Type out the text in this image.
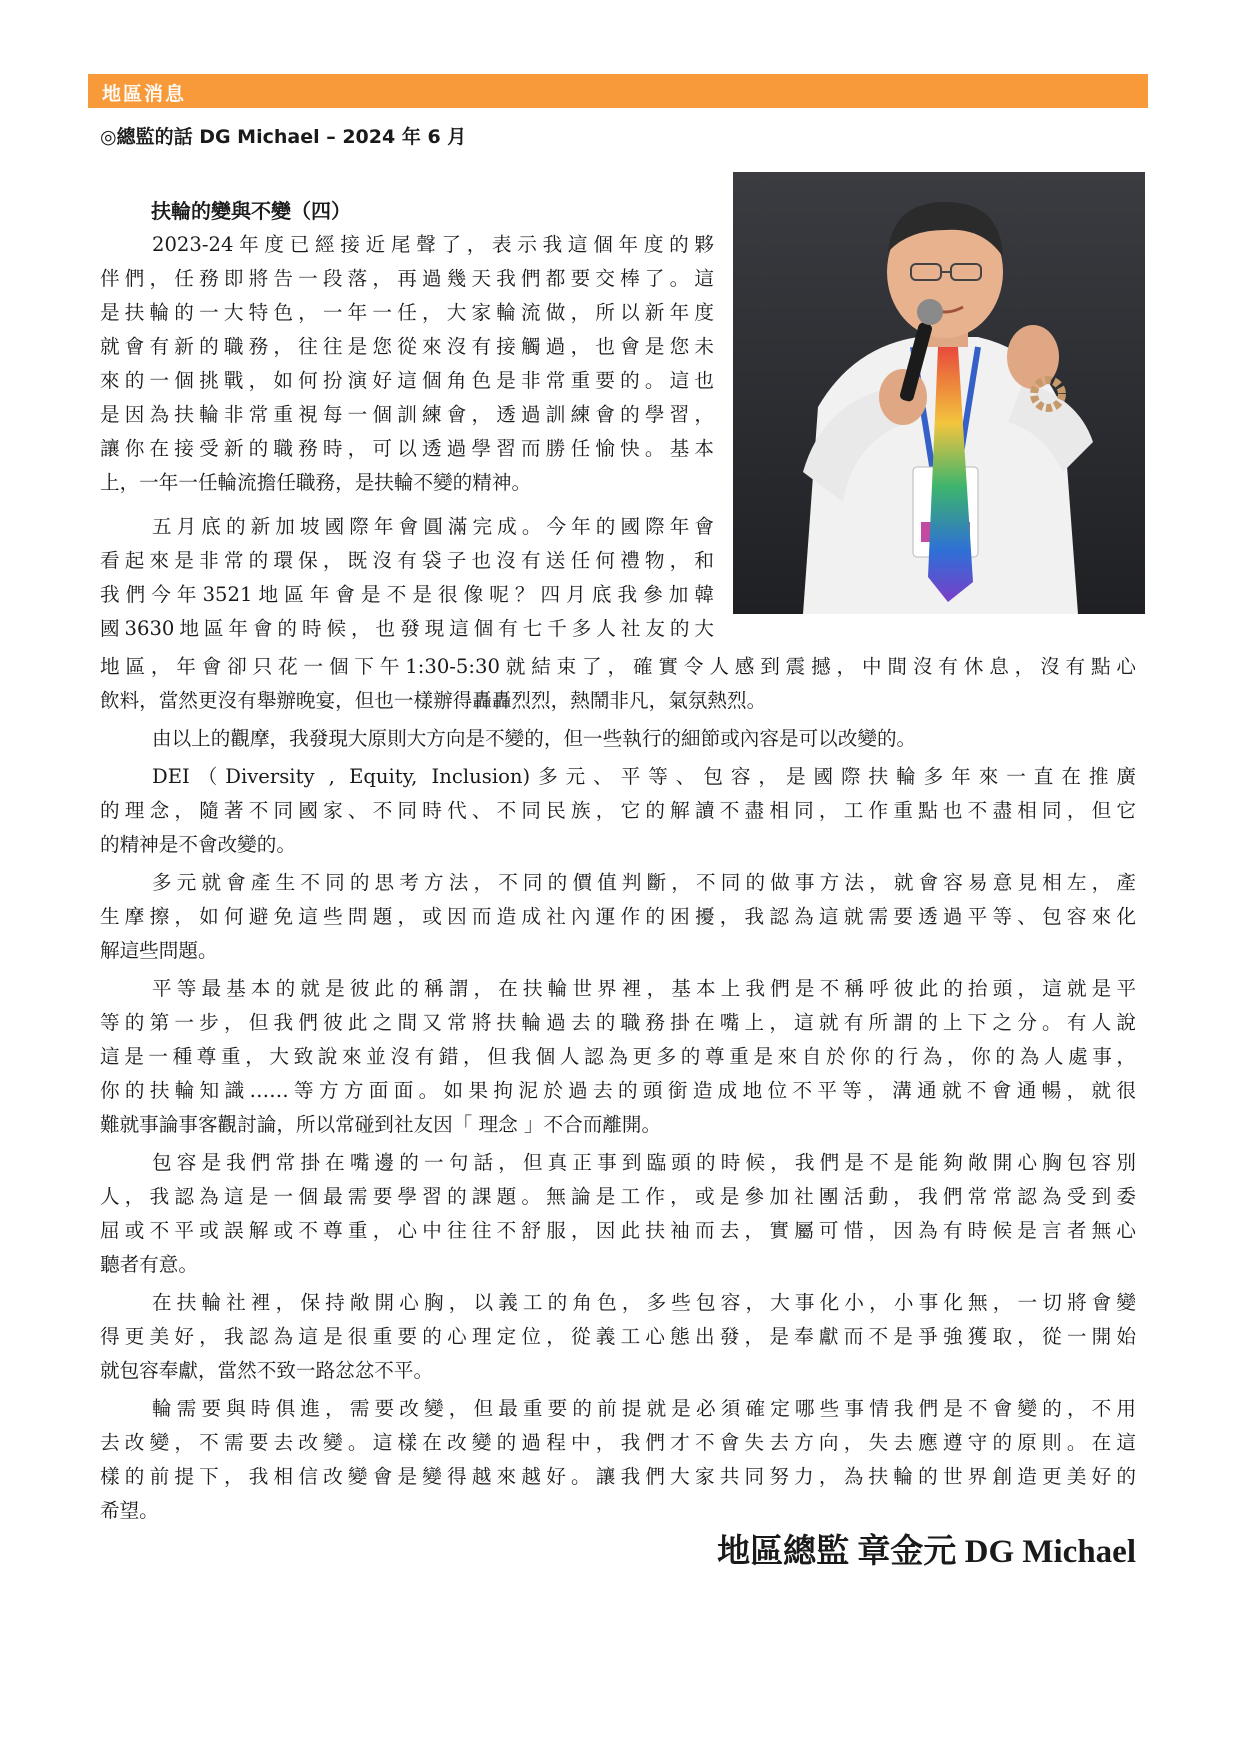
地區消息
◎總監的話 DG Michael – 2024 年 6 月
扶輪的變與不變（四）
2023-24年度已經接近尾聲了，表示我這個年度的夥
伴們，任務即將告一段落，再過幾天我們都要交棒了。這
是扶輪的一大特色，一年一任，大家輪流做，所以新年度
就會有新的職務，往往是您從來沒有接觸過，也會是您未
來的一個挑戰，如何扮演好這個角色是非常重要的。這也
是因為扶輪非常重視每一個訓練會，透過訓練會的學習，
讓你在接受新的職務時，可以透過學習而勝任愉快。基本
上，一年一任輪流擔任職務，是扶輪不變的精神。
五月底的新加坡國際年會圓滿完成。今年的國際年會
看起來是非常的環保，既沒有袋子也沒有送任何禮物，和
我們今年3521地區年會是不是很像呢？四月底我參加韓
國3630地區年會的時候，也發現這個有七千多人社友的大
地區，年會卻只花一個下午1:30-5:30就結束了，確實令人感到震撼，中間沒有休息，沒有點心
飲料，當然更沒有舉辦晚宴，但也一樣辦得轟轟烈烈，熱鬧非凡，氣氛熱烈。
由以上的觀摩，我發現大原則大方向是不變的，但一些執行的細節或內容是可以改變的。
DEI（Diversity , Equity, Inclusion)多元、平等、包容，是國際扶輪多年來一直在推廣
的理念，隨著不同國家、不同時代、不同民族，它的解讀不盡相同，工作重點也不盡相同，但它
的精神是不會改變的。
多元就會產生不同的思考方法，不同的價值判斷，不同的做事方法，就會容易意見相左，產
生摩擦，如何避免這些問題，或因而造成社內運作的困擾，我認為這就需要透過平等、包容來化
解這些問題。
平等最基本的就是彼此的稱謂，在扶輪世界裡，基本上我們是不稱呼彼此的抬頭，這就是平
等的第一步，但我們彼此之間又常將扶輪過去的職務掛在嘴上，這就有所謂的上下之分。有人說
這是一種尊重，大致說來並沒有錯，但我個人認為更多的尊重是來自於你的行為，你的為人處事，
你的扶輪知識……等方方面面。如果拘泥於過去的頭銜造成地位不平等，溝通就不會通暢，就很
難就事論事客觀討論，所以常碰到社友因「 理念 」不合而離開。
包容是我們常掛在嘴邊的一句話，但真正事到臨頭的時候，我們是不是能夠敞開心胸包容別
人，我認為這是一個最需要學習的課題。無論是工作，或是參加社團活動，我們常常認為受到委
屈或不平或誤解或不尊重，心中往往不舒服，因此扶袖而去，實屬可惜，因為有時候是言者無心
聽者有意。
在扶輪社裡，保持敞開心胸，以義工的角色，多些包容，大事化小，小事化無，一切將會變
得更美好，我認為這是很重要的心理定位，從義工心態出發，是奉獻而不是爭強獲取，從一開始
就包容奉獻，當然不致一路忿忿不平。
輪需要與時俱進，需要改變，但最重要的前提就是必須確定哪些事情我們是不會變的，不用
去改變，不需要去改變。這樣在改變的過程中，我們才不會失去方向，失去應遵守的原則。在這
樣的前提下，我相信改變會是變得越來越好。讓我們大家共同努力，為扶輪的世界創造更美好的
希望。
地區總監 章金元 DG Michael
